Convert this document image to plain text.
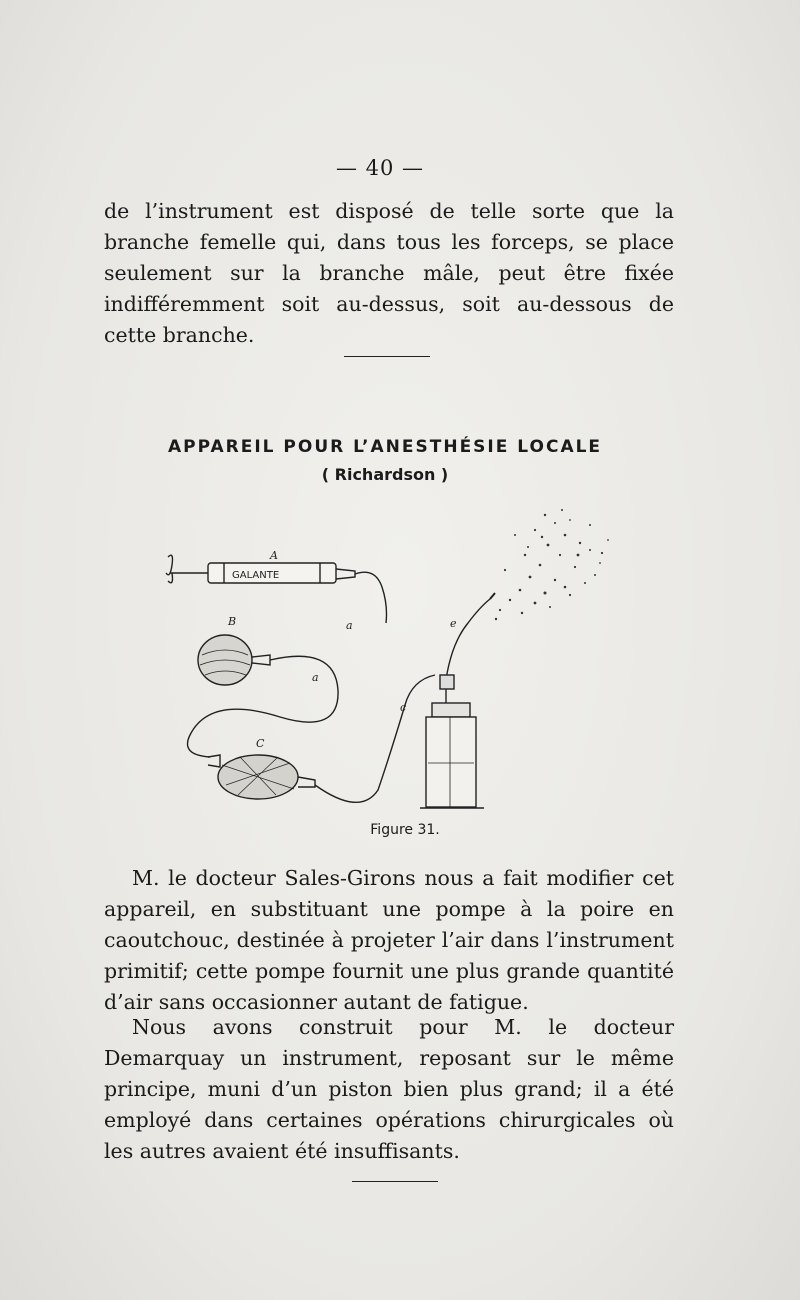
— 40 —

de l’instrument est disposé de telle sorte que la branche femelle qui, dans tous les forceps, se place seulement sur la branche mâle, peut être fixée indifféremment soit au-dessus, soit au-dessous de cette branche.

APPAREIL POUR L’ANESTHÉSIE LOCALE
( Richardson )
A
GALANTE
a
B
a
C
c
e
Figure 31.

M. le docteur Sales-Girons nous a fait modifier cet appareil, en substituant une pompe à la poire en caoutchouc, destinée à projeter l’air dans l’instrument primitif; cette pompe fournit une plus grande quantité d’air sans occasionner autant de fatigue.

Nous avons construit pour M. le docteur Demarquay un instrument, reposant sur le même principe, muni d’un piston bien plus grand; il a été employé dans certaines opérations chirurgicales où les autres avaient été insuffisants.
